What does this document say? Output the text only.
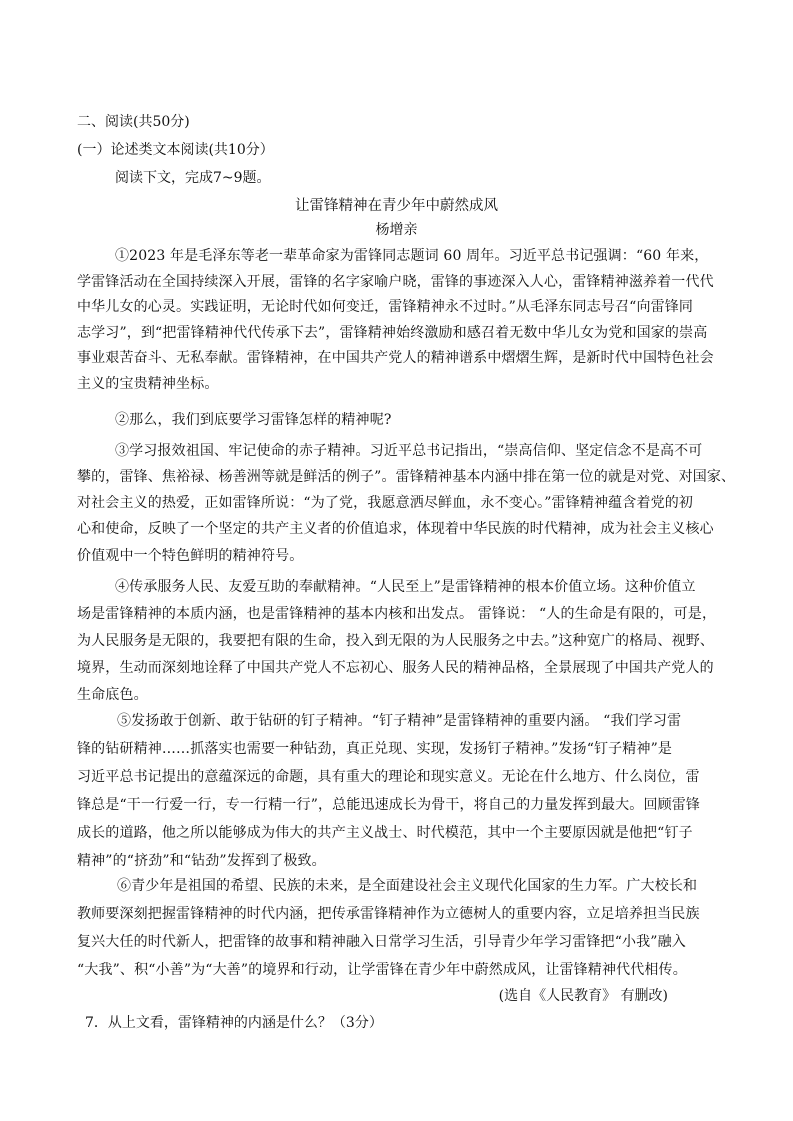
二、阅读(共50分)
(一）论述类文本阅读(共10分）
阅读下文，完成7~9题。
让雷锋精神在青少年中蔚然成风
杨增亲
①2023 年是毛泽东等老一辈革命家为雷锋同志题词 60 周年。习近平总书记强调：“60 年来，
学雷锋活动在全国持续深入开展，雷锋的名字家喻户晓，雷锋的事迹深入人心，雷锋精神滋养着一代代
中华儿女的心灵。实践证明，无论时代如何变迁，雷锋精神永不过时。”从毛泽东同志号召“向雷锋同
志学习”，到“把雷锋精神代代传承下去”，雷锋精神始终激励和感召着无数中华儿女为党和国家的崇高
事业艰苦奋斗、无私奉献。雷锋精神，在中国共产党人的精神谱系中熠熠生辉，是新时代中国特色社会
主义的宝贵精神坐标。
②那么，我们到底要学习雷锋怎样的精神呢?
③学习报效祖国、牢记使命的赤子精神。习近平总书记指出，“崇高信仰、坚定信念不是高不可
攀的，雷锋、焦裕禄、杨善洲等就是鲜活的例子”。雷锋精神基本内涵中排在第一位的就是对党、对国家、
对社会主义的热爱，正如雷锋所说：“为了党，我愿意洒尽鲜血，永不变心。”雷锋精神蕴含着党的初
心和使命，反映了一个坚定的共产主义者的价值追求，体现着中华民族的时代精神，成为社会主义核心
价值观中一个特色鲜明的精神符号。
④传承服务人民、友爱互助的奉献精神。“人民至上”是雷锋精神的根本价值立场。这种价值立
场是雷锋精神的本质内涵，也是雷锋精神的基本内核和出发点。 雷锋说： “人的生命是有限的，可是，
为人民服务是无限的，我要把有限的生命，投入到无限的为人民服务之中去。”这种宽广的格局、视野、
境界，生动而深刻地诠释了中国共产党人不忘初心、服务人民的精神品格，全景展现了中国共产党人的
生命底色。
⑤发扬敢于创新、敢于钻研的钉子精神。“钉子精神”是雷锋精神的重要内涵。 “我们学习雷
锋的钻研精神……抓落实也需要一种钻劲，真正兑现、实现，发扬钉子精神。”发扬“钉子精神”是
习近平总书记提出的意蕴深远的命题，具有重大的理论和现实意义。无论在什么地方、什么岗位，雷
锋总是“干一行爱一行，专一行精一行”，总能迅速成长为骨干，将自己的力量发挥到最大。回顾雷锋
成长的道路，他之所以能够成为伟大的共产主义战士、时代模范，其中一个主要原因就是他把“钉子
精神”的“挤劲”和“钻劲”发挥到了极致。
⑥青少年是祖国的希望、民族的未来，是全面建设社会主义现代化国家的生力军。广大校长和
教师要深刻把握雷锋精神的时代内涵，把传承雷锋精神作为立德树人的重要内容，立足培养担当民族
复兴大任的时代新人，把雷锋的故事和精神融入日常学习生活，引导青少年学习雷锋把“小我”融入
“大我”、积“小善”为“大善”的境界和行动，让学雷锋在青少年中蔚然成风，让雷锋精神代代相传。
(选自《人民教育》 有删改)
7．从上文看，雷锋精神的内涵是什么？（3分）
